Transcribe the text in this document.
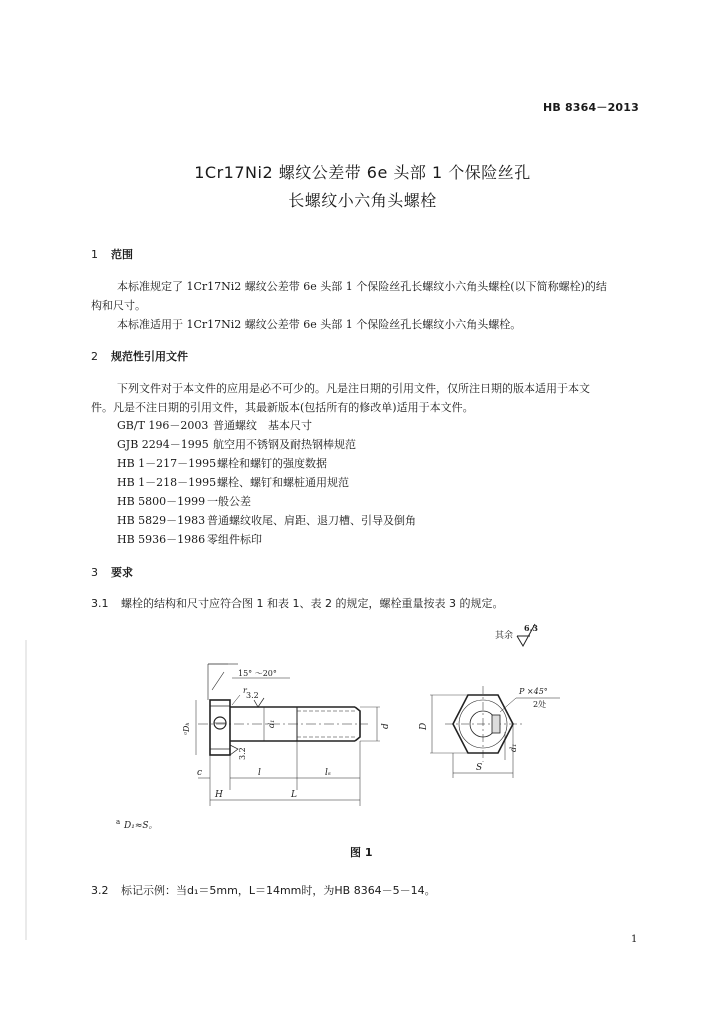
HB 8364－2013
1Cr17Ni2 螺纹公差带 6e 头部 1 个保险丝孔
长螺纹小六角头螺栓
1 范围
本标准规定了 1Cr17Ni2 螺纹公差带 6e 头部 1 个保险丝孔长螺纹小六角头螺栓(以下简称螺栓)的结
构和尺寸。
本标准适用于 1Cr17Ni2 螺纹公差带 6e 头部 1 个保险丝孔长螺纹小六角头螺栓。
2 规范性引用文件
下列文件对于本文件的应用是必不可少的。凡是注日期的引用文件，仅所注日期的版本适用于本文
件。凡是不注日期的引用文件，其最新版本(包括所有的修改单)适用于本文件。
GB/T 196－2003 普通螺纹　基本尺寸
GJB 2294－1995 航空用不锈钢及耐热钢棒规范
HB 1－217－1995螺栓和螺钉的强度数据
HB 1－218－1995螺栓、螺钉和螺桩通用规范
HB 5800－1999 一般公差
HB 5829－1983 普通螺纹收尾、肩距、退刀槽、引导及倒角
HB 5936－1986 零组件标印
3 要求
3.1 螺栓的结构和尺寸应符合图 1 和表 1、表 2 的规定，螺栓重量按表 3 的规定。
其余
6.3
15° ～20°
r
3.2
3.2
ᵃDₕ	d₁	d
c	l	lₛ
H	L
P ×45°
2处
D
d₁
S
a D₁≈S。
图 1
3.2 标记示例：当d₁＝5mm，L＝14mm时，为HB 8364－5－14。
1
